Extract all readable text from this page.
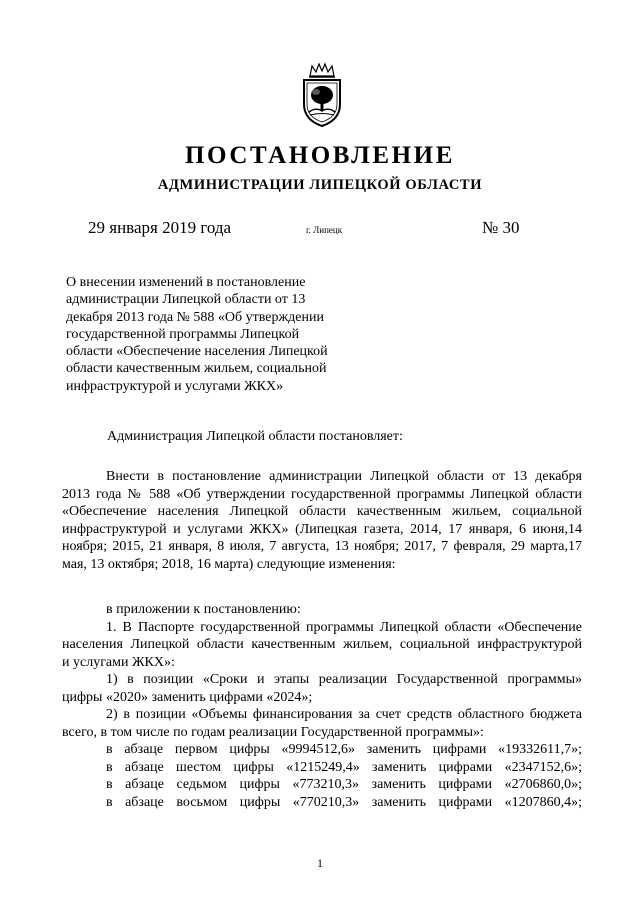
ПОСТАНОВЛЕНИЕ
АДМИНИСТРАЦИИ ЛИПЕЦКОЙ ОБЛАСТИ
29 января 2019 года	г. Липецк	№ 30
О внесении изменений в постановление
администрации Липецкой области от 13
декабря 2013 года № 588 «Об утверждении
государственной программы Липецкой
области «Обеспечение населения Липецкой
области качественным жильем, социальной
инфраструктурой и услугами ЖКХ»
Администрация Липецкой области постановляет:
Внести в постановление администрации Липецкой области от 13 декабря
2013 года № 588 «Об утверждении государственной программы Липецкой области
«Обеспечение населения Липецкой области качественным жильем, социальной
инфраструктурой и услугами ЖКХ» (Липецкая газета, 2014, 17 января, 6 июня,14
ноября; 2015, 21 января, 8 июля, 7 августа, 13 ноября; 2017, 7 февраля, 29 марта,17
мая, 13 октября; 2018, 16 марта) следующие изменения:
в приложении к постановлению:
1. В Паспорте государственной программы Липецкой области «Обеспечение
населения Липецкой области качественным жильем, социальной инфраструктурой
и услугами ЖКХ»:
1) в позиции «Сроки и этапы реализации Государственной программы»
цифры «2020» заменить цифрами «2024»;
2) в позиции «Объемы финансирования за счет средств областного бюджета
всего, в том числе по годам реализации Государственной программы»:
в абзаце первом цифры «9994512,6» заменить цифрами «19332611,7»;
в абзаце шестом цифры «1215249,4» заменить цифрами «2347152,6»;
в абзаце седьмом цифры «773210,3» заменить цифрами «2706860,0»;
в абзаце восьмом цифры «770210,3» заменить цифрами «1207860,4»;
1
